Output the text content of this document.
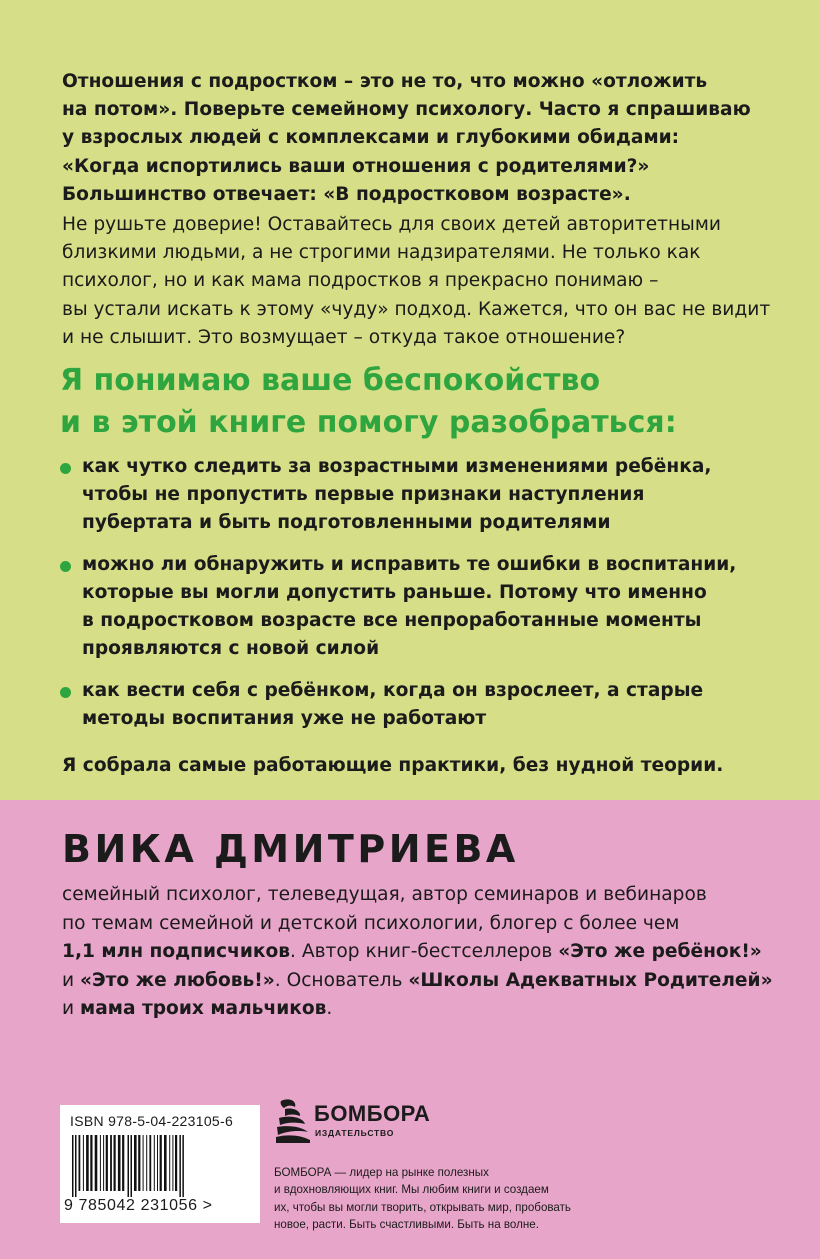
Отношения с подростком – это не то, что можно «отложить

на потом». Поверьте семейному психологу. Часто я спрашиваю

у взрослых людей с комплексами и глубокими обидами:

«Когда испортились ваши отношения с родителями?»

Большинство отвечает: «В подростковом возрасте».

Не рушьте доверие! Оставайтесь для своих детей авторитетными

близкими людьми, а не строгими надзирателями. Не только как

психолог, но и как мама подростков я прекрасно понимаю –

вы устали искать к этому «чуду» подход. Кажется, что он вас не видит

и не слышит. Это возмущает – откуда такое отношение?

Я понимаю ваше беспокойство
и в этой книге помогу разобраться:
как чутко следить за возрастными изменениями ребёнка,
чтобы не пропустить первые признаки наступления
пубертата и быть подготовленными родителями
можно ли обнаружить и исправить те ошибки в воспитании,
которые вы могли допустить раньше. Потому что именно
в подростковом возрасте все непроработанные моменты
проявляются с новой силой
как вести себя с ребёнком, когда он взрослеет, а старые
методы воспитания уже не работают
Я собрала самые работающие практики, без нудной теории.
ВИКА ДМИТРИЕВА
семейный психолог, телеведущая, автор семинаров и вебинаров
по темам семейной и детской психологии, блогер с более чем
1,1 млн подписчиков. Автор книг-бестселлеров «Это же ребёнок!»
и «Это же любовь!». Основатель «Школы Адекватных Родителей»
и мама троих мальчиков.
ISBN 978-5-04-223105-6
9 785042 231056 >
БОМБОРА
ИЗДАТЕЛЬСТВО
БОМБОРА — лидер на рынке полезных
и вдохновляющих книг. Мы любим книги и создаем
их, чтобы вы могли творить, открывать мир, пробовать
новое, расти. Быть счастливыми. Быть на волне.
